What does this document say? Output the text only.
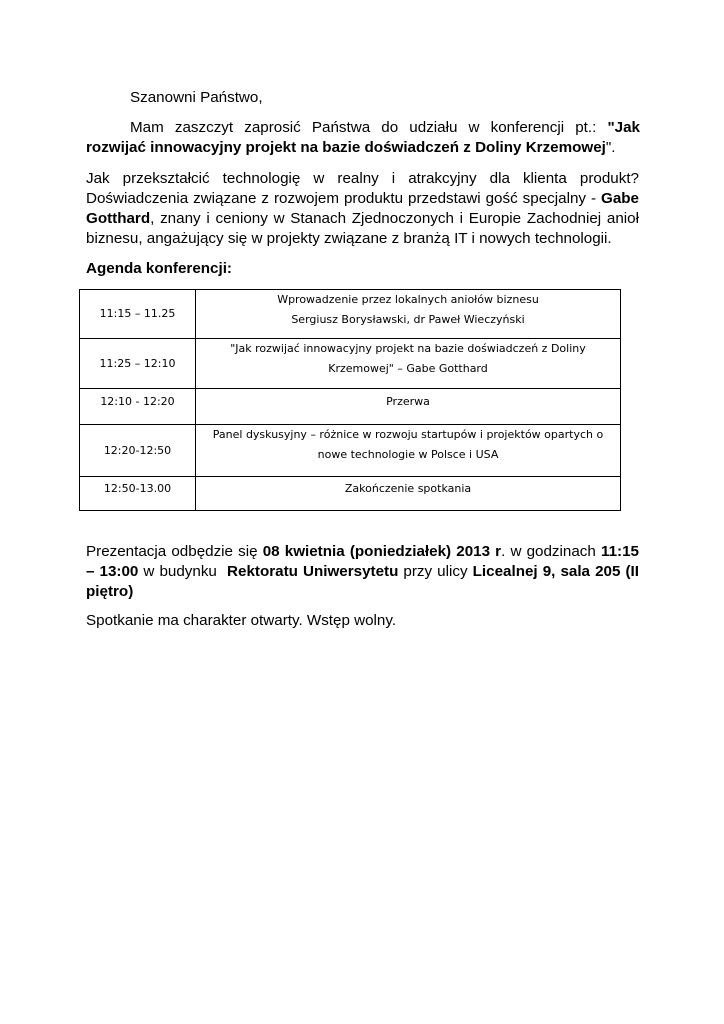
Szanowni Państwo,
Mam zaszczyt zaprosić Państwa do udziału w konferencji pt.: "Jak rozwijać innowacyjny projekt na bazie doświadczeń z Doliny Krzemowej".
Jak przekształcić technologię w realny i atrakcyjny dla klienta produkt? Doświadczenia związane z rozwojem produktu przedstawi gość specjalny - Gabe Gotthard, znany i ceniony w Stanach Zjednoczonych i Europie Zachodniej anioł biznesu, angażujący się w projekty związane z branżą IT i nowych technologii.
Agenda konferencji:
11:15 – 11.25	Wprowadzenie przez lokalnych aniołów biznesu
Sergiusz Borysławski, dr Paweł Wieczyński

11:25 – 12:10	"Jak rozwijać innowacyjny projekt na bazie doświadczeń z Doliny
Krzemowej" – Gabe Gotthard

12:10 - 12:20	Przerwa
12:20-12:50	Panel dyskusyjny – różnice w rozwoju startupów i projektów opartych o
nowe technologie w Polsce i USA

12:50-13.00	Zakończenie spotkania
Prezentacja odbędzie się 08 kwietnia (poniedziałek) 2013 r. w godzinach 11:15 – 13:00 w budynku  Rektoratu Uniwersytetu przy ulicy Licealnej 9, sala 205 (II piętro)
Spotkanie ma charakter otwarty. Wstęp wolny.
